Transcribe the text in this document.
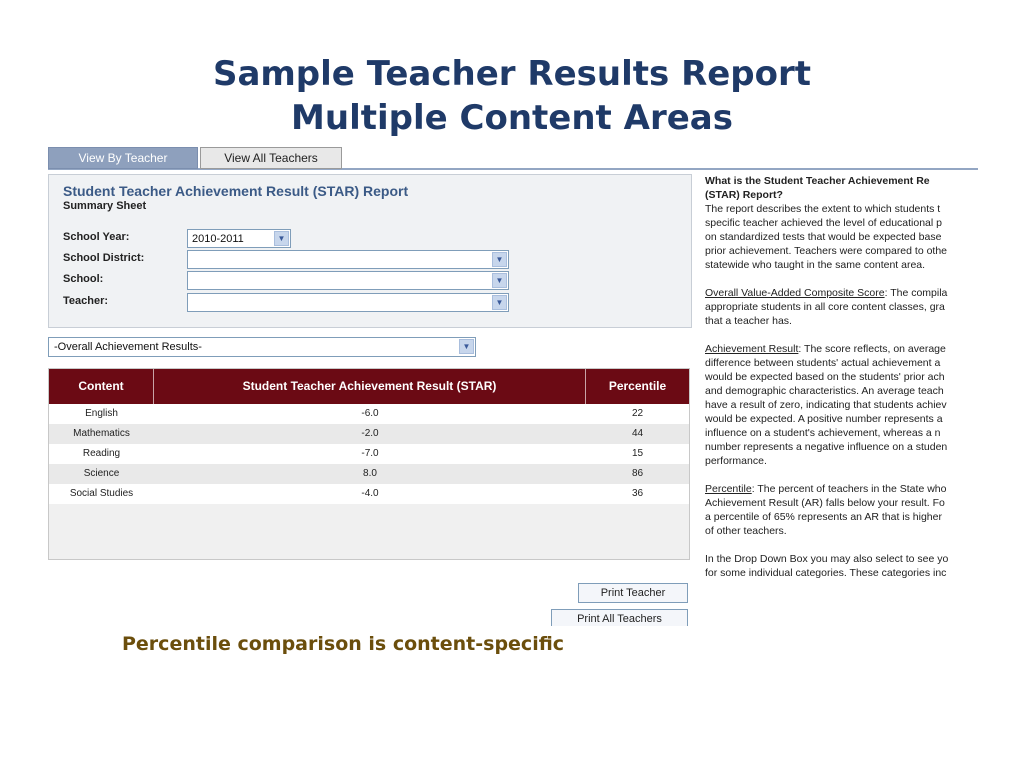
Sample Teacher Results Report
Multiple Content Areas
View By Teacher	View All Teachers
Student Teacher Achievement Result (STAR) Report
Summary Sheet
School Year:	2010-2011	▼
School District:	▼
School:	▼
Teacher:	▼
-Overall Achievement Results-	▼
Content	Student Teacher Achievement Result (STAR)	Percentile
English	-6.0	22
Mathematics	-2.0	44
Reading	-7.0	15
Science	8.0	86
Social Studies	-4.0	36
Print Teacher
Print All Teachers

What is the Student Teacher Achievement Re
(STAR) Report?
The report describes the extent to which students t
specific teacher achieved the level of educational p
on standardized tests that would be expected base
prior achievement. Teachers were compared to othe
statewide who taught in the same content area.

Overall Value-Added Composite Score: The compila
appropriate students in all core content classes, gra
that a teacher has.

Achievement Result: The score reflects, on average
difference between students' actual achievement a
would be expected based on the students' prior ach
and demographic characteristics. An average teach
have a result of zero, indicating that students achiev
would be expected. A positive number represents a
influence on a student's achievement, whereas a n
number represents a negative influence on a studen
performance.

Percentile: The percent of teachers in the State who
Achievement Result (AR) falls below your result. Fo
a percentile of 65% represents an AR that is higher
of other teachers.

In the Drop Down Box you may also select to see yo
for some individual categories. These categories inc

Percentile comparison is content-specific
